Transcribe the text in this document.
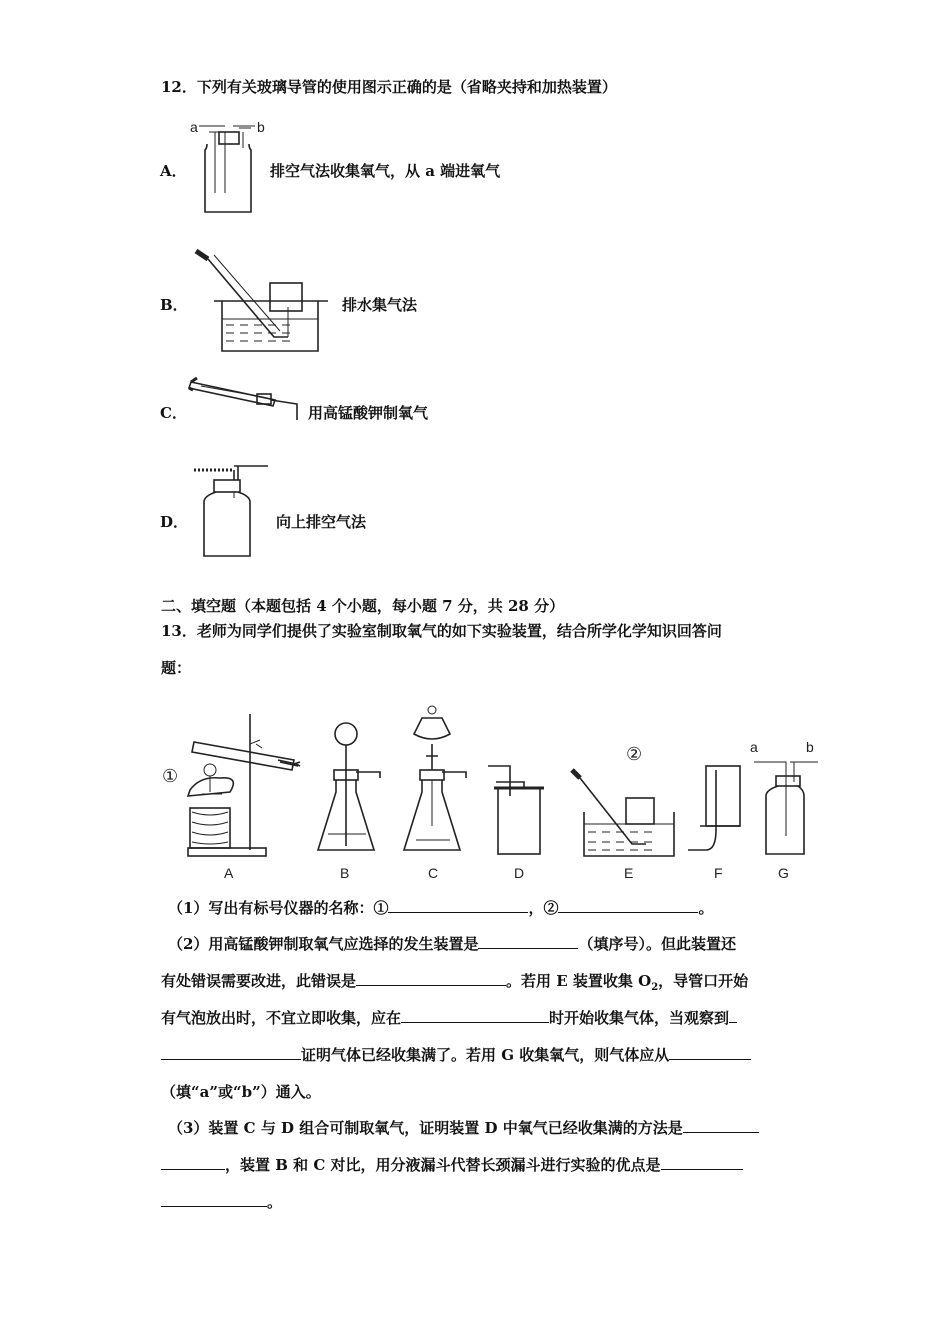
12．下列有关玻璃导管的使用图示正确的是（省略夹持和加热装置）
a	b
A．	排空气法收集氧气，从 a 端进氧气
B．	排水集气法
C．	用高锰酸钾制氧气
D．	向上排空气法
二、填空题（本题包括 4 个小题，每小题 7 分，共 28 分）
13．老师为同学们提供了实验室制取氧气的如下实验装置，结合所学化学知识回答问
题：
①
②	a	b
A	B	C	D	E	F	G
（1）写出有标号仪器的名称：①	，②	。
（2）用高锰酸钾制取氧气应选择的发生装置是	（填序号）。但此装置还
有处错误需要改进，此错误是	。若用 E 装置收集 $O_2$，导管口开始
有气泡放出时，不宜立即收集，应在	时开始收集气体，当观察到
证明气体已经收集满了。若用 G 收集氧气，则气体应从
（填“a”或“b”）通入。
（3）装置 C 与 D 组合可制取氧气，证明装置 D 中氧气已经收集满的方法是
，装置 B 和 C 对比，用分液漏斗代替长颈漏斗进行实验的优点是
。
